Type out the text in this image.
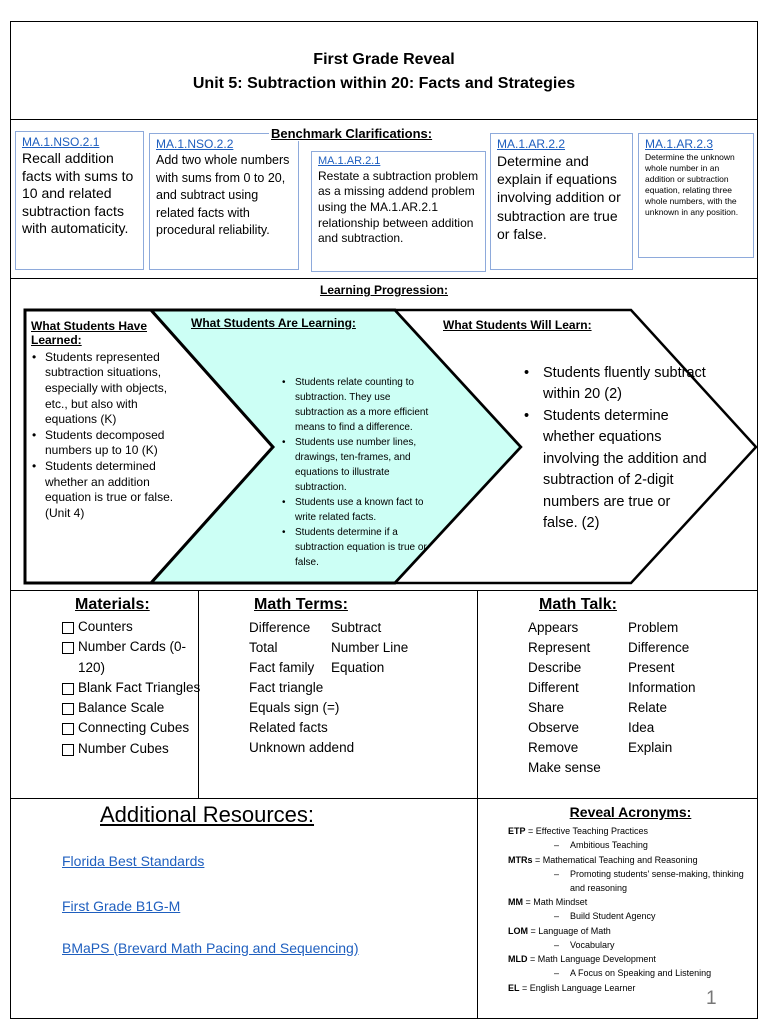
First Grade Reveal
Unit 5: Subtraction within 20: Facts and Strategies
Benchmark Clarifications:
MA.1.NSO.2.1
Recall addition facts with sums to 10 and related subtraction facts with automaticity.
MA.1.NSO.2.2
Add two whole numbers with sums from 0 to 20, and subtract using related facts with procedural reliability.
MA.1.AR.2.1
Restate a subtraction problem as a missing addend problem using the MA.1.AR.2.1 relationship between addition and subtraction.
MA.1.AR.2.2
Determine and explain if equations involving addition or subtraction are true or false.
MA.1.AR.2.3
Determine the unknown whole number in an addition or subtraction equation, relating three whole numbers, with the unknown in any position.
Learning Progression:
What Students Have Learned:
• Students represented subtraction situations, especially with objects, etc., but also with equations (K)
• Students decomposed numbers up to 10 (K)
• Students determined whether an addition equation is true or false. (Unit 4)
What Students Are Learning:
• Students relate counting to subtraction. They use subtraction as a more efficient means to find a difference.
• Students use number lines, drawings, ten-frames, and equations to illustrate subtraction.
• Students use a known fact to write related facts.
• Students determine if a subtraction equation is true or false.
What Students Will Learn:
• Students fluently subtract within 20 (2)
• Students determine whether equations involving the addition and subtraction of 2-digit numbers are true or false. (2)
Materials:
Counters
Number Cards (0-120)
Blank Fact Triangles
Balance Scale
Connecting Cubes
Number Cubes
Math Terms:
Difference	Subtract
Total	Number Line
Fact family	Equation
Fact triangle
Equals sign (=)
Related facts
Unknown addend
Math Talk:
Appears	Problem
Represent	Difference
Describe	Present
Different	Information
Share	Relate
Observe	Idea
Remove	Explain
Make sense
Additional Resources:
Florida Best Standards
First Grade B1G-M
BMaPS (Brevard Math Pacing and Sequencing)
Reveal Acronyms:
ETP = Effective Teaching Practices
– Ambitious Teaching
MTRs = Mathematical Teaching and Reasoning
– Promoting students' sense-making, thinking and reasoning
MM = Math Mindset
– Build Student Agency
LOM = Language of Math
– Vocabulary
MLD = Math Language Development
– A Focus on Speaking and Listening
EL = English Language Learner
1
